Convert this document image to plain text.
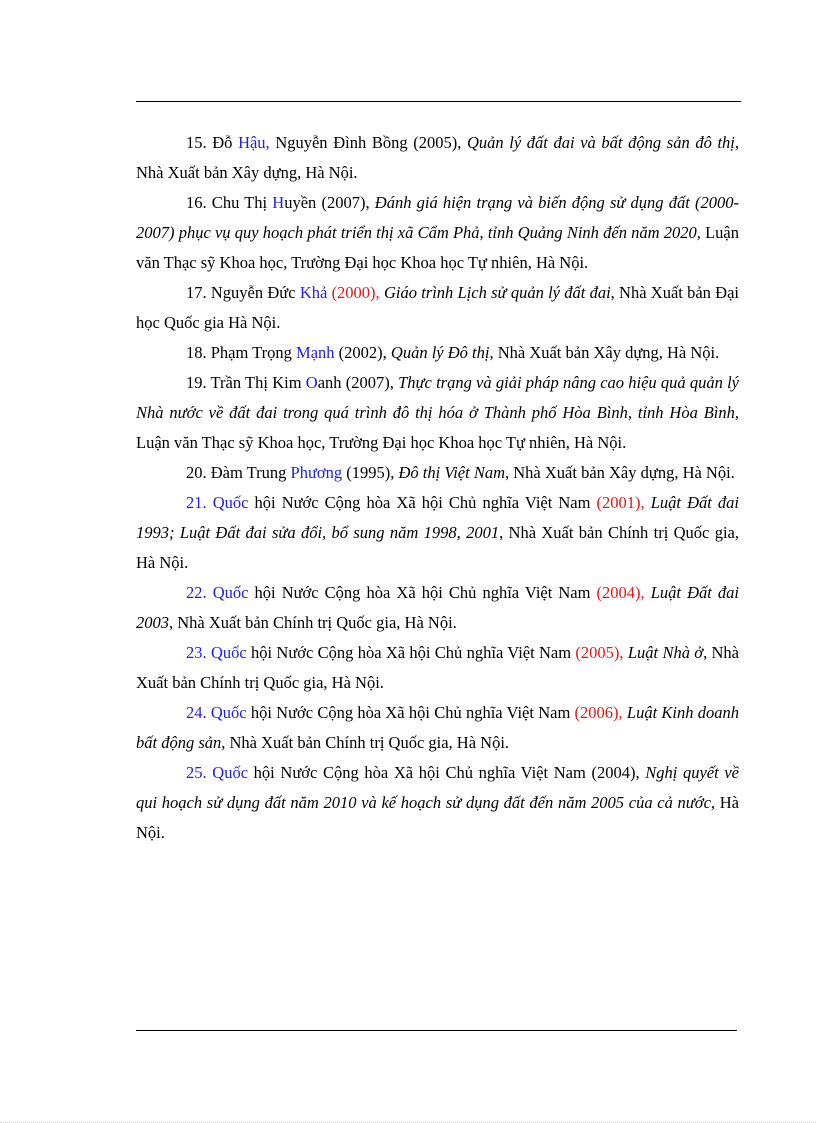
15. Đỗ Hậu, Nguyễn Đình Bồng (2005), Quản lý đất đai và bất động sản đô thị, Nhà Xuất bản Xây dựng, Hà Nội.

16. Chu Thị Huyền (2007), Đánh giá hiện trạng và biến động sử dụng đất (2000-2007) phục vụ quy hoạch phát triển thị xã Cẩm Phả, tỉnh Quảng Ninh đến năm 2020, Luận văn Thạc sỹ Khoa học, Trường Đại học Khoa học Tự nhiên, Hà Nội.

17. Nguyễn Đức Khả (2000), Giáo trình Lịch sử quản lý đất đai, Nhà Xuất bản Đại học Quốc gia Hà Nội.

18. Phạm Trọng Mạnh (2002), Quản lý Đô thị, Nhà Xuất bản Xây dựng, Hà Nội.

19. Trần Thị Kim Oanh (2007), Thực trạng và giải pháp nâng cao hiệu quả quản lý Nhà nước về đất đai trong quá trình đô thị hóa ở Thành phố Hòa Bình, tỉnh Hòa Bình, Luận văn Thạc sỹ Khoa học, Trường Đại học Khoa học Tự nhiên, Hà Nội.

20. Đàm Trung Phương (1995), Đô thị Việt Nam, Nhà Xuất bản Xây dựng, Hà Nội.

21. Quốc hội Nước Cộng hòa Xã hội Chủ nghĩa Việt Nam (2001), Luật Đất đai 1993; Luật Đất đai sửa đổi, bổ sung năm 1998, 2001, Nhà Xuất bản Chính trị Quốc gia, Hà Nội.

22. Quốc hội Nước Cộng hòa Xã hội Chủ nghĩa Việt Nam (2004), Luật Đất đai 2003, Nhà Xuất bản Chính trị Quốc gia, Hà Nội.

23. Quốc hội Nước Cộng hòa Xã hội Chủ nghĩa Việt Nam (2005), Luật Nhà ở, Nhà Xuất bản Chính trị Quốc gia, Hà Nội.

24. Quốc hội Nước Cộng hòa Xã hội Chủ nghĩa Việt Nam (2006), Luật Kinh doanh bất động sản, Nhà Xuất bản Chính trị Quốc gia, Hà Nội.

25. Quốc hội Nước Cộng hòa Xã hội Chủ nghĩa Việt Nam (2004), Nghị quyết về qui hoạch sử dụng đất năm 2010 và kế hoạch sử dụng đất đến năm 2005 của cả nước, Hà Nội.
